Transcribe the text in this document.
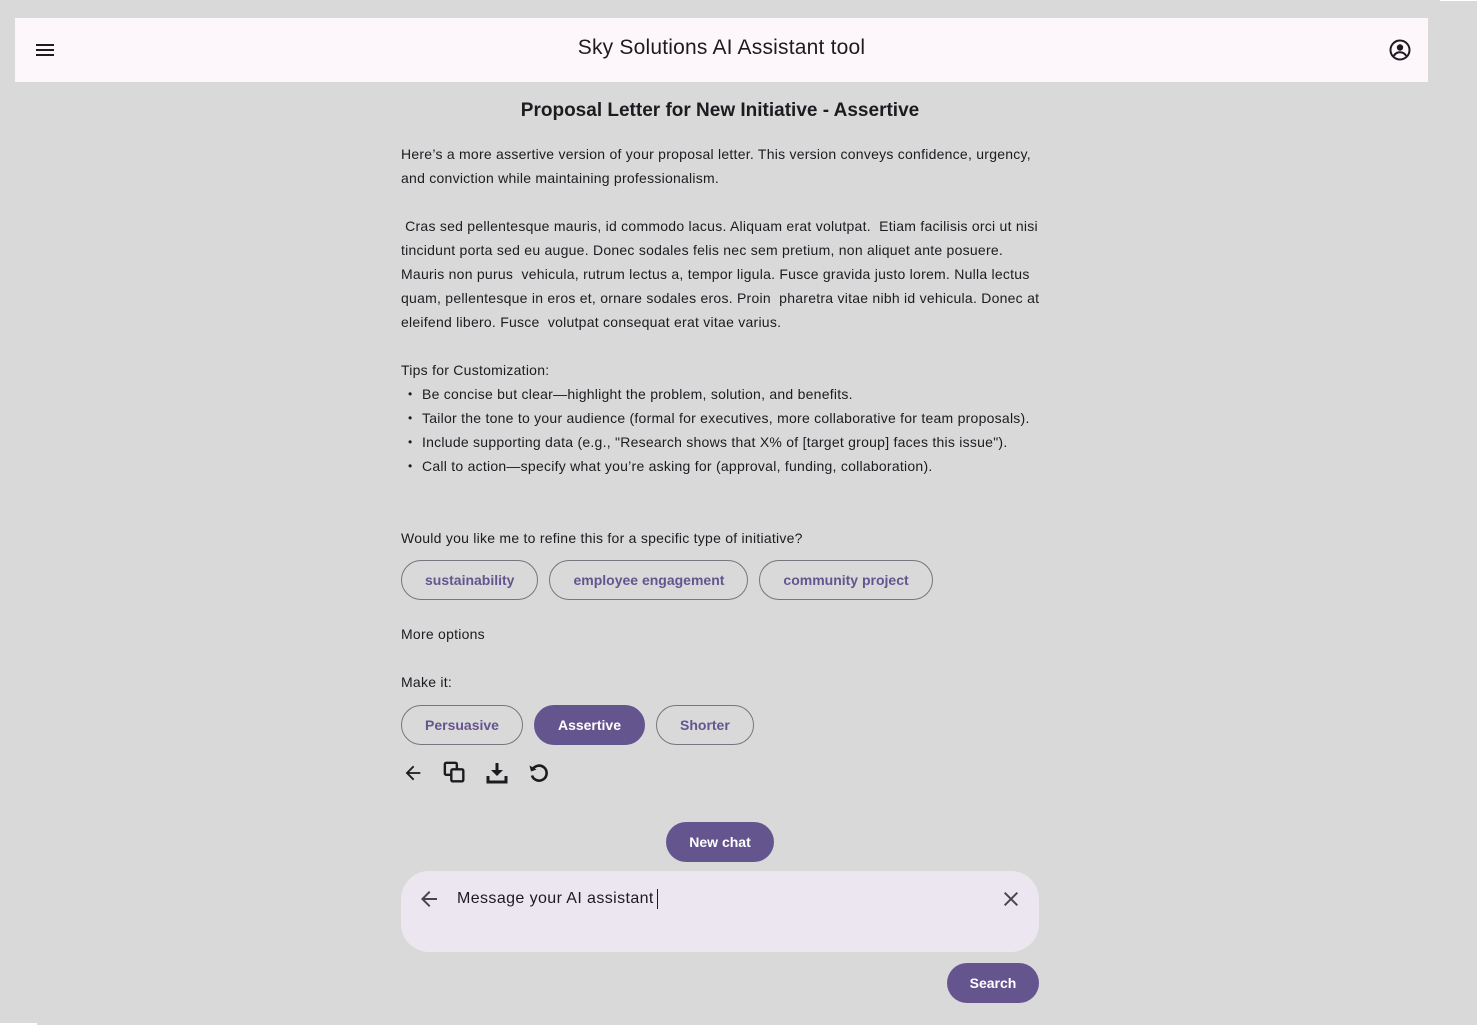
Sky Solutions AI Assistant tool
Proposal Letter for New Initiative - Assertive

Here’s a more assertive version of your proposal letter. This version conveys confidence, urgency, and conviction while maintaining professionalism.

Cras sed pellentesque mauris, id commodo lacus. Aliquam erat volutpat.  Etiam facilisis orci ut nisi tincidunt porta sed eu augue. Donec sodales felis nec sem pretium, non aliquet ante posuere. Mauris non purus  vehicula, rutrum lectus a, tempor ligula. Fusce gravida justo lorem. Nulla lectus quam, pellentesque in eros et, ornare sodales eros. Proin  pharetra vitae nibh id vehicula. Donec at eleifend libero. Fusce  volutpat consequat erat vitae varius.

Tips for Customization:

• Be concise but clear—highlight the problem, solution, and benefits.
• Tailor the tone to your audience (formal for executives, more collaborative for team proposals).
• Include supporting data (e.g., "Research shows that X% of [target group] faces this issue").
• Call to action—specify what you’re asking for (approval, funding, collaboration).

Would you like me to refine this for a specific type of initiative?

sustainability	employee engagement	community project

More options

Make it:

Persuasive	Assertive	Shorter
New chat
Message your AI assistant
Search
